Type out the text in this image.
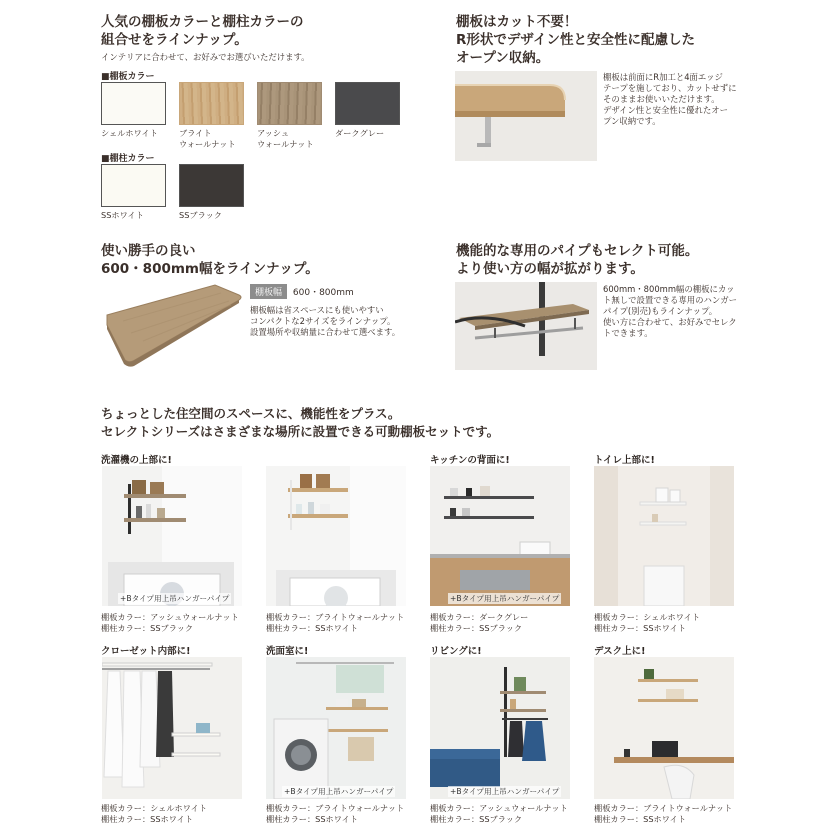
人気の棚板カラーと棚柱カラーの
組合せをラインナップ。
インテリアに合わせて、お好みでお選びいただけます。
■棚板カラー
シェルホワイト	ブライト
ウォールナット
アッシュ
ウォールナット
ダークグレー
■棚柱カラー
SSホワイト	SSブラック
棚板はカット不要！
R形状でデザイン性と安全性に配慮した
オープン収納。
棚板は前面にR加工と4面エッジ
テープを施しており、カットせずに
そのままお使いいただけます。
デザイン性と安全性に優れたオー
プン収納です。
使い勝手の良い
600・800mm幅をラインナップ。
棚板幅 600・800mm
棚板幅は省スペースにも使いやすい
コンパクトな2サイズをラインナップ。
設置場所や収納量に合わせて選べます。
機能的な専用のパイプもセレクト可能。
より使い方の幅が拡がります。
600mm・800mm幅の棚板にカッ
ト無しで設置できる専用のハンガー
パイプ(別売)もラインナップ。
使い方に合わせて、お好みでセレク
トできます。
ちょっとした住空間のスペースに、機能性をプラス。
セレクトシリーズはさまざまな場所に設置できる可動棚板セットです。
洗濯機の上部に!
+Bタイプ用上吊ハンガーパイプ
棚板カラー：アッシュウォールナット
棚柱カラー：SSブラック
棚板カラー：ブライトウォールナット
棚柱カラー：SSホワイト
キッチンの背面に!
+Bタイプ用上吊ハンガーパイプ
棚板カラー：ダークグレー
棚柱カラー：SSブラック
トイレ上部に!
棚板カラー：シェルホワイト
棚柱カラー：SSホワイト
クローゼット内部に!
棚板カラー：シェルホワイト
棚柱カラー：SSホワイト
洗面室に!
+Bタイプ用上吊ハンガーパイプ
棚板カラー：ブライトウォールナット
棚柱カラー：SSホワイト
リビングに!
+Bタイプ用上吊ハンガーパイプ
棚板カラー：アッシュウォールナット
棚柱カラー：SSブラック
デスク上に!
棚板カラー：ブライトウォールナット
棚柱カラー：SSホワイト
